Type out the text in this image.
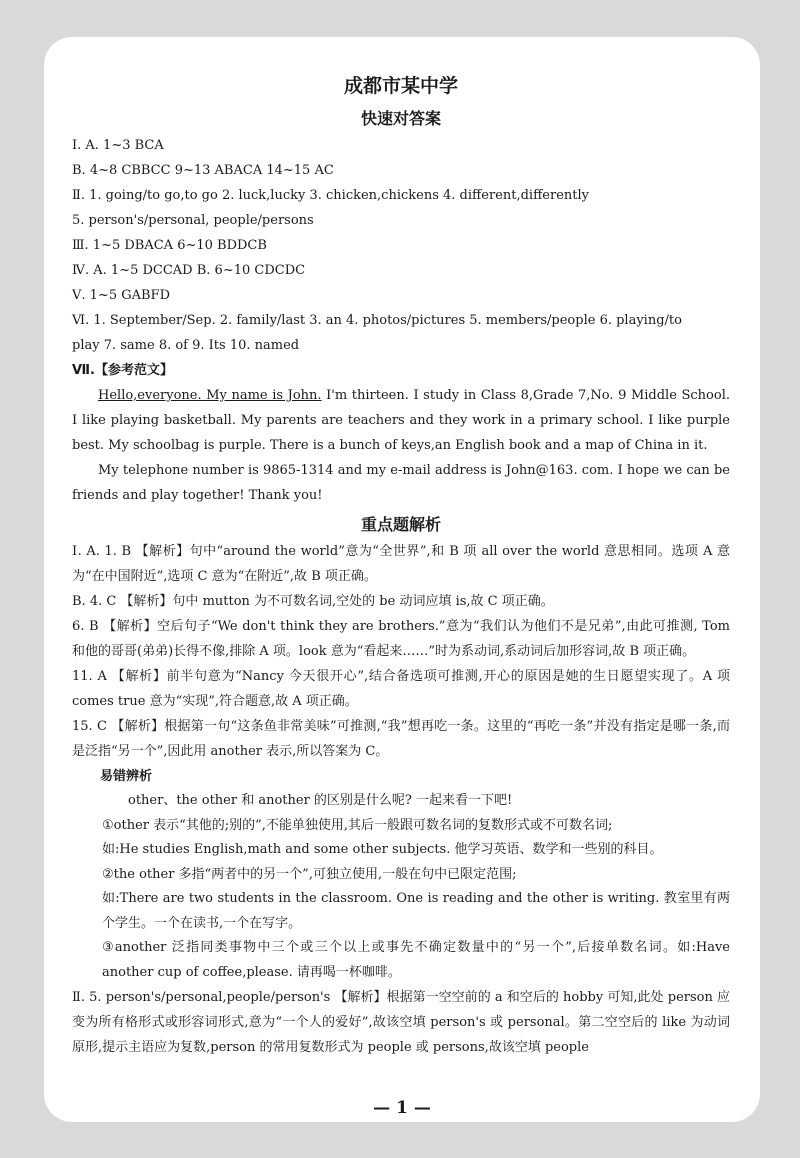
成都市某中学
快速对答案

Ⅰ. A. 1~3 BCA

B. 4~8 CBBCC 9~13 ABACA 14~15 AC

Ⅱ. 1. going/to go,to go 2. luck,lucky 3. chicken,chickens 4. different,differently

5. person's/personal, people/persons

Ⅲ. 1~5 DBACA 6~10 BDDCB

Ⅳ. A. 1~5 DCCAD B. 6~10 CDCDC

Ⅴ. 1~5 GABFD

Ⅵ. 1. September/Sep. 2. family/last 3. an 4. photos/pictures 5. members/people 6. playing/to

play 7. same 8. of 9. Its 10. named

Ⅶ.【参考范文】

Hello,everyone. My name is John. I'm thirteen. I study in Class 8,Grade 7,No. 9 Middle School. I like playing basketball. My parents are teachers and they work in a primary school. I like purple best. My schoolbag is purple. There is a bunch of keys,an English book and a map of China in it.

My telephone number is 9865-1314 and my e-mail address is John@163. com. I hope we can be friends and play together! Thank you!

重点题解析

Ⅰ. A. 1. B 【解析】句中“around the world”意为“全世界”,和 B 项 all over the world 意思相同。选项 A 意为“在中国附近”,选项 C 意为“在附近”,故 B 项正确。

B. 4. C 【解析】句中 mutton 为不可数名词,空处的 be 动词应填 is,故 C 项正确。

6. B 【解析】空后句子“We don't think they are brothers.”意为“我们认为他们不是兄弟”,由此可推测, Tom 和他的哥哥(弟弟)长得不像,排除 A 项。look 意为“看起来……”时为系动词,系动词后加形容词,故 B 项正确。

11. A 【解析】前半句意为“Nancy 今天很开心”,结合备选项可推测,开心的原因是她的生日愿望实现了。A 项 comes true 意为“实现”,符合题意,故 A 项正确。

15. C 【解析】根据第一句“这条鱼非常美味”可推测,“我”想再吃一条。这里的“再吃一条”并没有指定是哪一条,而是泛指“另一个”,因此用 another 表示,所以答案为 C。

易错辨析

other、the other 和 another 的区别是什么呢? 一起来看一下吧!

①other 表示“其他的;别的”,不能单独使用,其后一般跟可数名词的复数形式或不可数名词;

如:He studies English,math and some other subjects. 他学习英语、数学和一些别的科目。

②the other 多指“两者中的另一个”,可独立使用,一般在句中已限定范围;

如:There are two students in the classroom. One is reading and the other is writing. 教室里有两个学生。一个在读书,一个在写字。

③another 泛指同类事物中三个或三个以上或事先不确定数量中的“另一个”,后接单数名词。如:Have another cup of coffee,please. 请再喝一杯咖啡。

Ⅱ. 5. person's/personal,people/person's 【解析】根据第一空空前的 a 和空后的 hobby 可知,此处 person 应变为所有格形式或形容词形式,意为“一个人的爱好”,故该空填 person's 或 personal。第二空空后的 like 为动词原形,提示主语应为复数,person 的常用复数形式为 people 或 persons,故该空填 people

— 1 —
